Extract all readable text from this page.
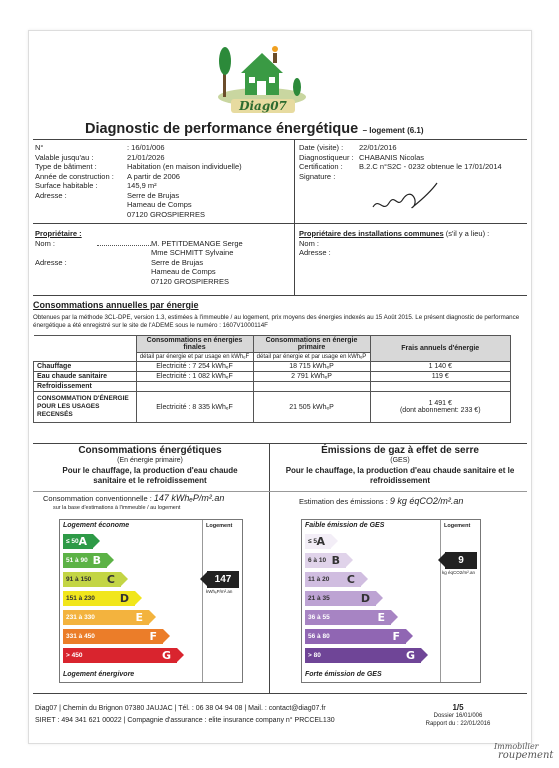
Diag07
Diagnostic de performance énergétique – logement (6.1)
N°	: 16/01/006
Valable jusqu'au :	21/01/2026
Type de bâtiment :	Habitation (en maison individuelle)
Année de construction :	A partir de 2006
Surface habitable :	145,9 m²
Adresse :	Serre de Brujas
Hameau de Comps
07120 GROSPIERRES
Date (visite) :	22/01/2016
Diagnostiqueur : CHABANIS Nicolas
Certification :	B.2.C n°S2C - 0232 obtenue le 17/01/2014
Signature :
Propriétaire :
Nom :	M. PETITDEMANGE Serge
Mme SCHMITT Sylvaine
Adresse :	Serre de Brujas
Hameau de Comps
07120 GROSPIERRES
Propriétaire des installations communes (s'il y a lieu) :
Nom :
Adresse :
Consommations annuelles par énergie
Obtenues par la méthode 3CL-DPE, version 1.3, estimées à l'immeuble / au logement, prix moyens des énergies indexés au 15 Août 2015. Le présent diagnostic de performance énergétique a été enregistré sur le site de l'ADEME sous le numéro : 1607V1000114F
	Consommations en énergies finales	Consommations en énergie primaire	Frais annuels d'énergie
	détail par énergie et par usage en kWhₑF	détail par énergie et par usage en kWhₑP	
Chauffage	Electricité : 7 254 kWhₑF	18 715 kWhₑP	1 140 €
Eau chaude sanitaire	Electricité : 1 082 kWhₑF	2 791 kWhₑP	119 €
Refroidissement			
CONSOMMATION D'ÉNERGIE POUR LES USAGES RECENSÉS	Electricité : 8 335 kWhₑF	21 505 kWhₑP	1 491 €
(dont abonnement: 233 €)
Consommations énergétiques
(En énergie primaire)
Pour le chauffage, la production d'eau chaude sanitaire et le refroidissement
Consommation conventionnelle : 147 kWhₑP/m².an
sur la base d'estimations à l'immeuble / au logement
Logement économe
Logement énergivore
Logement
≤ 50 A
51 à 90 B
91 à 150 C
151 à 230 D
231 à 330	E
331 à 450	F
> 450	G
147
kWhₑP/m².an
Émissions de gaz à effet de serre
(GES)
Pour le chauffage, la production d'eau chaude sanitaire et le refroidissement
Estimation des émissions : 9 kg éqCO2/m².an
Faible émission de GES
Forte émission de GES
Logement
≤ 5 A
6 à 10 B
11 à 20 C
21 à 35	D
36 à 55	E
56 à 80	F
> 80	G
9
kg éqCO2/m².an
Diag07 | Chemin du Brignon 07380 JAUJAC | Tél. : 06 38 04 94 08 | Mail. : contact@diag07.fr
SIRET : 494 341 621 00022 | Compagnie d'assurance : elite insurance company n° PRCCEL130
1/5
Dossier 16/01/006
Rapport du : 22/01/2016
Immobilier
roupement
